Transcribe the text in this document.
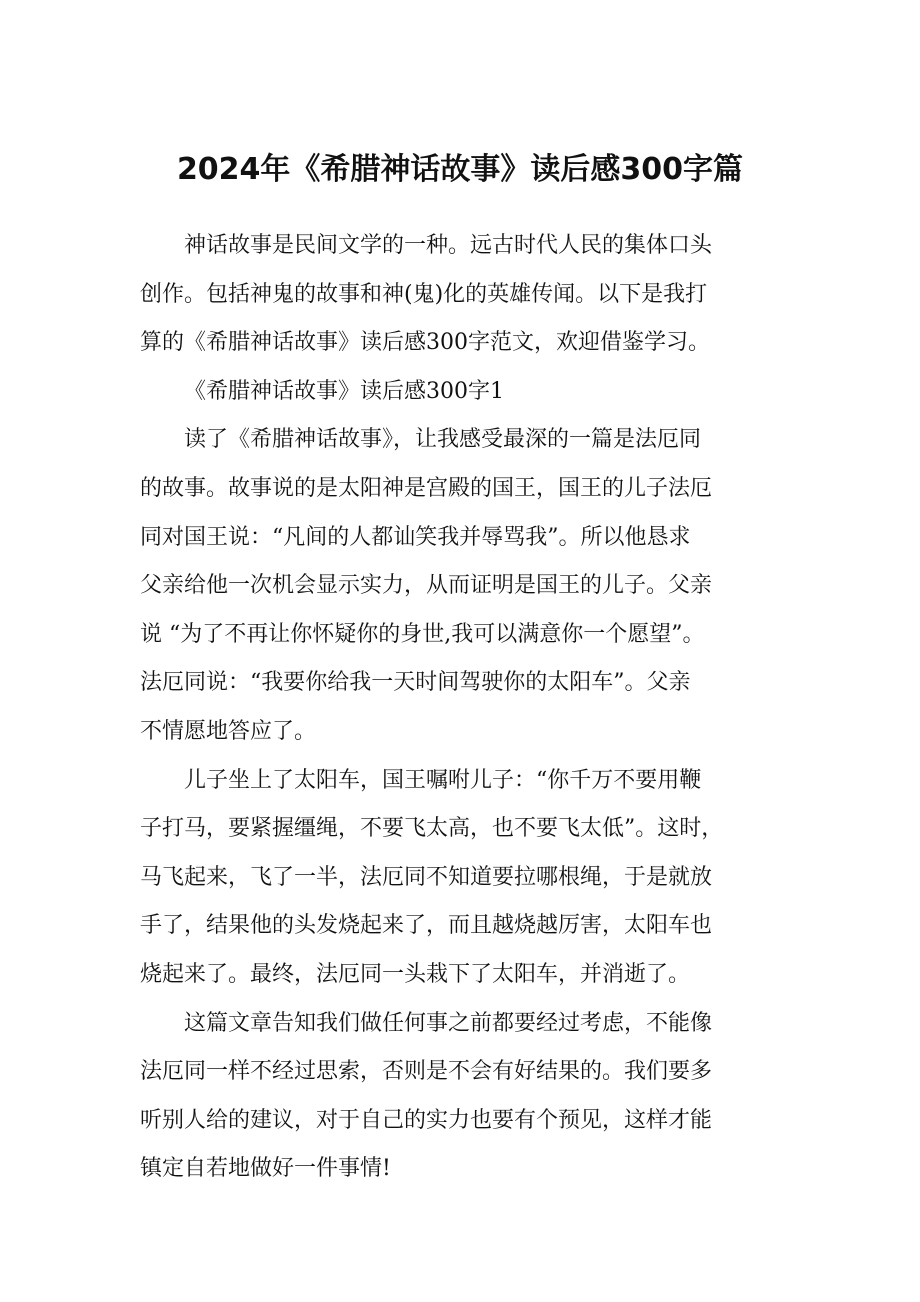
2024年《希腊神话故事》读后感300字篇
神话故事是民间文学的一种。远古时代人民的集体口头
创作。包括神鬼的故事和神(鬼)化的英雄传闻。以下是我打
算的《希腊神话故事》读后感300字范文，欢迎借鉴学习。
《希腊神话故事》读后感300字1
读了《希腊神话故事》，让我感受最深的一篇是法厄同
的故事。故事说的是太阳神是宫殿的国王，国王的儿子法厄
同对国王说：“凡间的人都讪笑我并辱骂我”。所以他恳求
父亲给他一次机会显示实力，从而证明是国王的儿子。父亲
说 “为了不再让你怀疑你的身世,我可以满意你一个愿望”。
法厄同说：“我要你给我一天时间驾驶你的太阳车”。父亲
不情愿地答应了。
儿子坐上了太阳车，国王嘱咐儿子：“你千万不要用鞭
子打马，要紧握缰绳，不要飞太高，也不要飞太低”。这时，
马飞起来，飞了一半，法厄同不知道要拉哪根绳，于是就放
手了，结果他的头发烧起来了，而且越烧越厉害，太阳车也
烧起来了。最终，法厄同一头栽下了太阳车，并消逝了。
这篇文章告知我们做任何事之前都要经过考虑，不能像
法厄同一样不经过思索，否则是不会有好结果的。我们要多
听别人给的建议，对于自己的实力也要有个预见，这样才能
镇定自若地做好一件事情!
